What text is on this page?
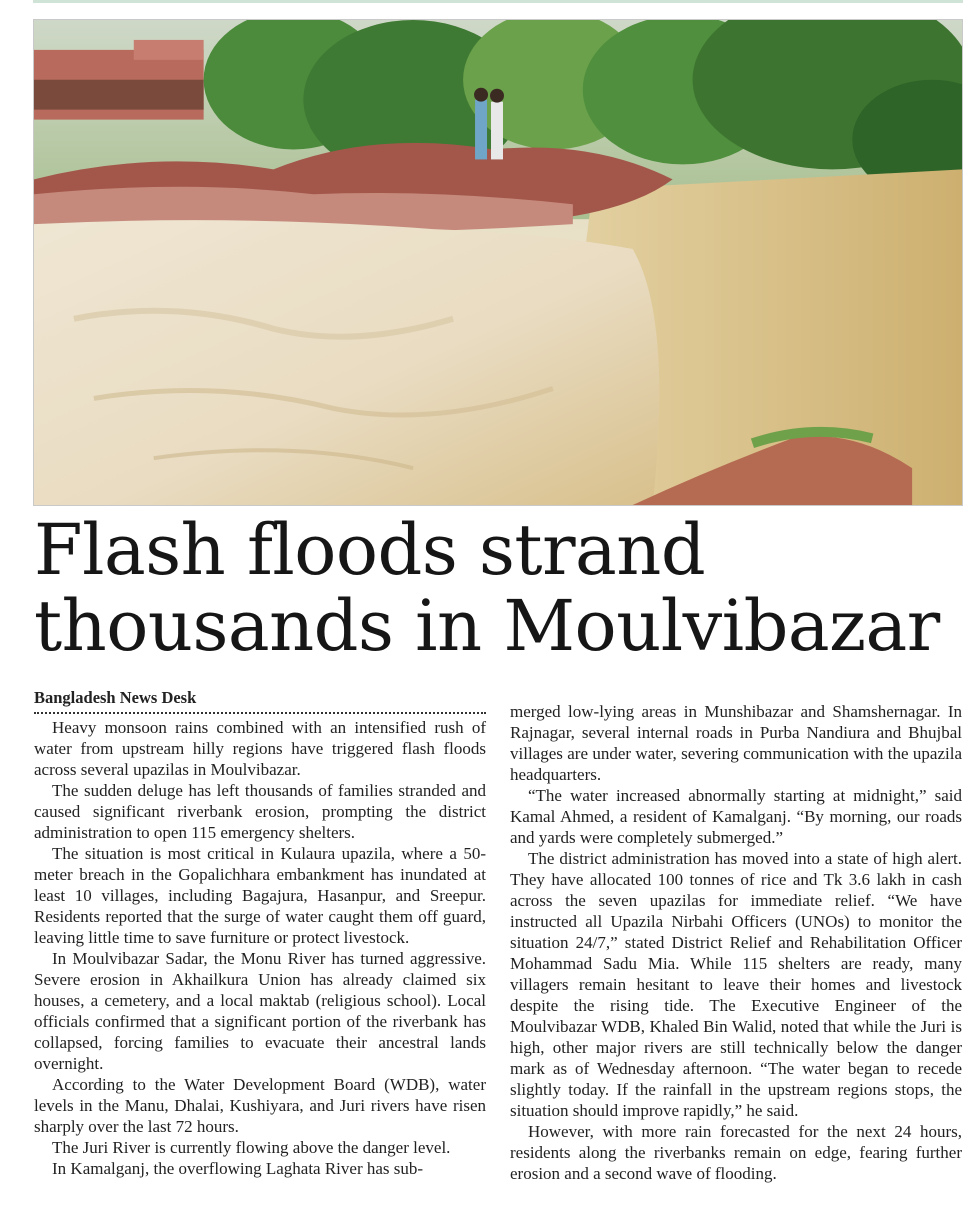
Flash floods strand
thousands in Moulvibazar
Bangladesh News Desk

Heavy monsoon rains combined with an intensified rush of water from upstream hilly regions have triggered flash floods across several upazilas in Moulvibazar.

The sudden deluge has left thousands of families stranded and caused significant riverbank erosion, prompting the district administration to open 115 emergency shelters.

The situation is most critical in Kulaura upazila, where a 50-meter breach in the Gopalichhara embankment has inundated at least 10 villages, including Bagajura, Hasanpur, and Sreepur. Residents reported that the surge of water caught them off guard, leaving little time to save furniture or protect livestock.

In Moulvibazar Sadar, the Monu River has turned aggressive. Severe erosion in Akhailkura Union has already claimed six houses, a cemetery, and a local maktab (religious school). Local officials confirmed that a significant portion of the riverbank has collapsed, forcing families to evacuate their ancestral lands overnight.

According to the Water Development Board (WDB), water levels in the Manu, Dhalai, Kushiyara, and Juri rivers have risen sharply over the last 72 hours.

The Juri River is currently flowing above the danger level.

In Kamalganj, the overflowing Laghata River has sub-

merged low-lying areas in Munshibazar and Shamshernagar. In Rajnagar, several internal roads in Purba Nandiura and Bhujbal villages are under water, severing communication with the upazila headquarters.

“The water increased abnormally starting at midnight,” said Kamal Ahmed, a resident of Kamalganj. “By morning, our roads and yards were completely submerged.”

The district administration has moved into a state of high alert. They have allocated 100 tonnes of rice and Tk 3.6 lakh in cash across the seven upazilas for immediate relief. “We have instructed all Upazila Nirbahi Officers (UNOs) to monitor the situation 24/7,” stated District Relief and Rehabilitation Officer Mohammad Sadu Mia. While 115 shelters are ready, many villagers remain hesitant to leave their homes and livestock despite the rising tide. The Executive Engineer of the Moulvibazar WDB, Khaled Bin Walid, noted that while the Juri is high, other major rivers are still technically below the danger mark as of Wednesday afternoon. “The water began to recede slightly today. If the rainfall in the upstream regions stops, the situation should improve rapidly,” he said.

However, with more rain forecasted for the next 24 hours, residents along the riverbanks remain on edge, fearing further erosion and a second wave of flooding.
